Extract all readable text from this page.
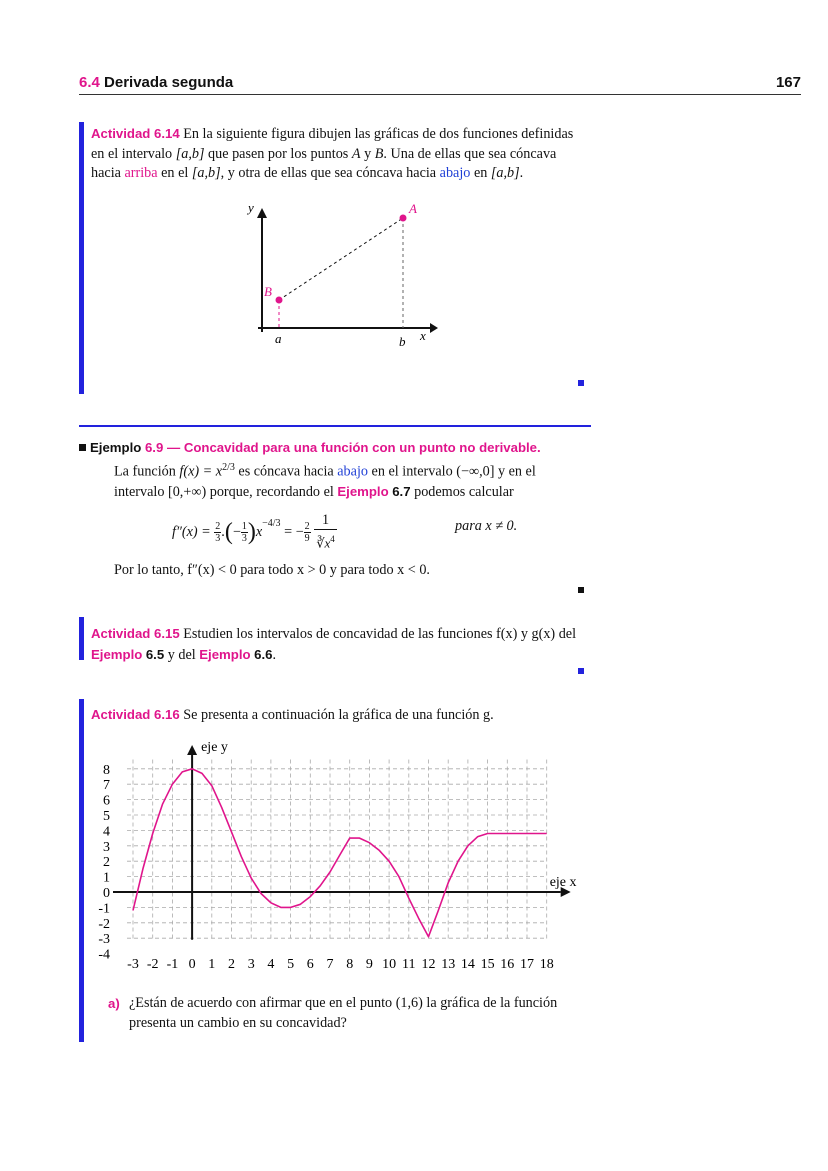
6.4 Derivada segunda	167
Actividad 6.14 En la siguiente figura dibujen las gráficas de dos funciones definidas en el intervalo [a,b] que pasen por los puntos A y B. Una de ellas que sea cóncava hacia arriba en el [a,b], y otra de ellas que sea cóncava hacia abajo en [a,b].
y
x
a	b
A
B
Ejemplo 6.9 — Concavidad para una función con un punto no derivable.
La función $f(x) = x^{2/3}$ es cóncava hacia abajo en el intervalo (−∞,0] y en el intervalo [0,+∞) porque, recordando el Ejemplo 6.7 podemos calcular
f″(x) =
$\frac{2}{3}$ . ( − $\frac{1}{3}$ ) $x^{-4/3}$
= − $\frac{2}{9}$
$\frac{1}{∛x^4}$	para x ≠ 0.
Por lo tanto, f″(x) < 0 para todo x > 0 y para todo x < 0.
Actividad 6.15 Estudien los intervalos de concavidad de las funciones f(x) y g(x) del Ejemplo 6.5 y del Ejemplo 6.6.
Actividad 6.16 Se presenta a continuación la gráfica de una función g.
-3 -2 -1 0 1 2 3 4 5 6 7 8 9 10 11 12 13 14 15 16 17 18
-4
-3
-2
-1
0
1
2
3
4
5
6
7
8
eje y
eje x
a) ¿Están de acuerdo con afirmar que en el punto (1,6) la gráfica de la función presenta un cambio en su concavidad?
